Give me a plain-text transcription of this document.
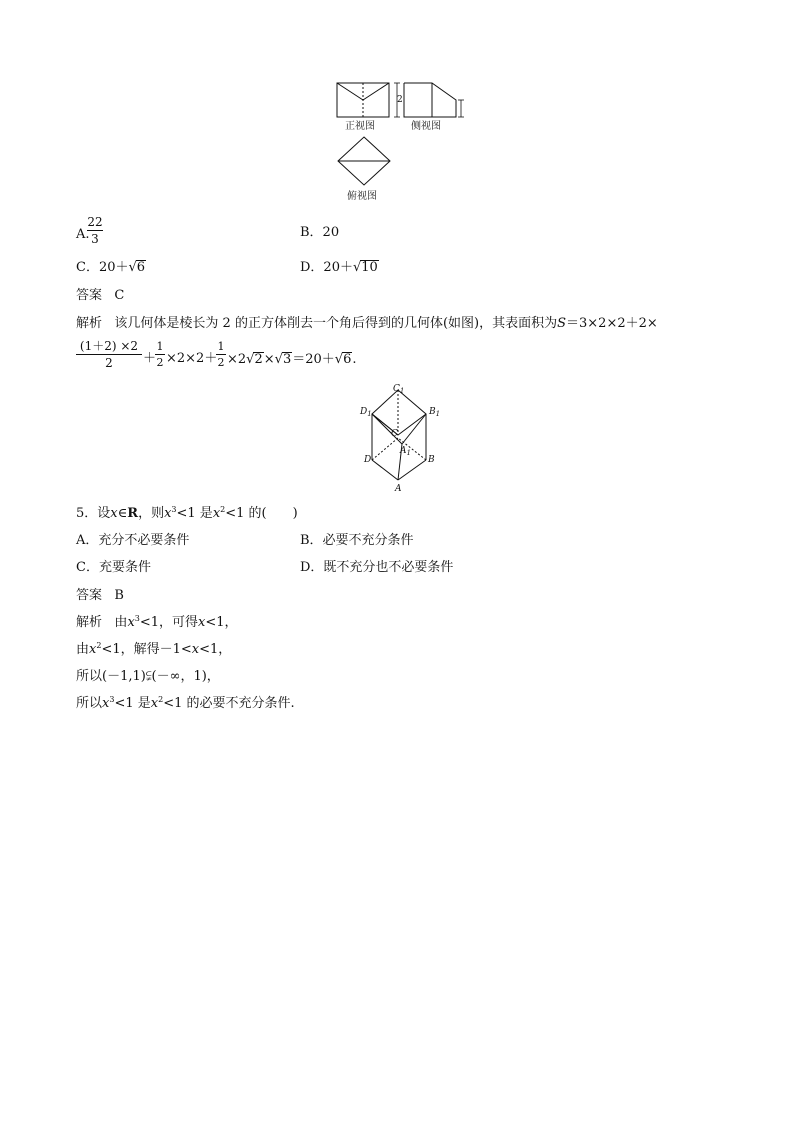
正视图
2
侧视图
俯视图
A.
22
3	B．20
C．20＋√6	D．20＋√10
答案 C
解析 该几何体是棱长为 2 的正方体削去一个角后得到的几何体(如图)，其表面积为S＝3×2×2＋2×
(1＋2) ×2
2	＋
1
2 ×2×2＋
1
2 ×2√2×√3＝20＋√6.
$C_1$
$D_1$	$B_1$
C
$A_1$
D	B
A
5．设x∈R，则$x^3<1$ 是$x^2<1$ 的(　　)
A．充分不必要条件	B．必要不充分条件
C．充要条件	D．既不充分也不必要条件
答案 B
解析 由$x^3<1$，可得x<1，
由$x^2<1$，解得－1<x<1，
所以(－1,1)⫋(－∞，1)，
所以$x^3<1$ 是$x^2<1$ 的必要不充分条件.
